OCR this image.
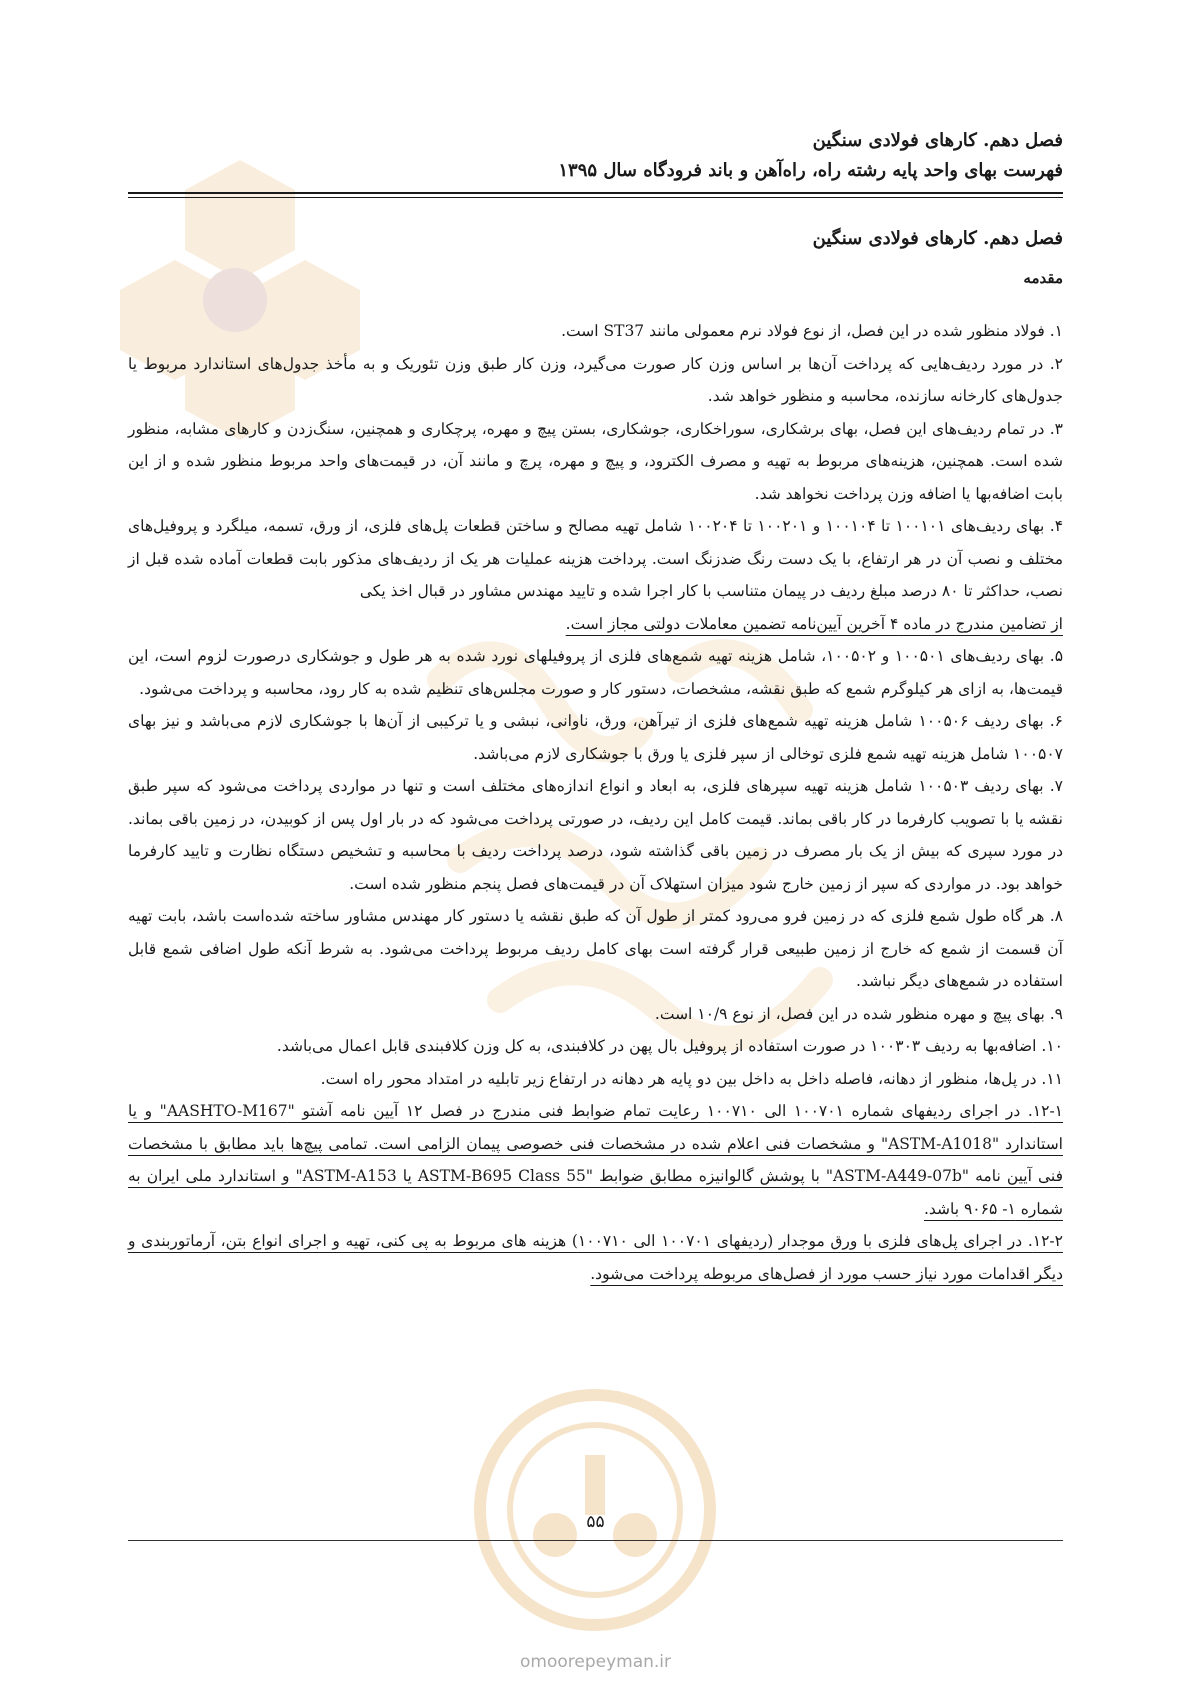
فصل دهم. کارهای فولادی سنگین
فهرست بهای واحد پایه رشته راه، راه‌آهن و باند فرودگاه سال ۱۳۹۵
فصل دهم. کارهای فولادی سنگین
مقدمه

۱. فولاد منظور شده در این فصل، از نوع فولاد نرم معمولی مانند ST37 است.

۲. در مورد ردیف‌هایی که پرداخت آن‌ها بر اساس وزن کار صورت می‌گیرد، وزن کار طبق وزن تئوریک و به مأخذ جدول‌های استاندارد مربوط یا جدول‌های کارخانه سازنده، محاسبه و منظور خواهد شد.

۳. در تمام ردیف‌های این فصل، بهای برشکاری، سوراخکاری، جوشکاری، بستن پیچ و مهره، پرچکاری و همچنین، سنگ‌زدن و کارهای مشابه، منظور شده است. همچنین، هزینه‌های مربوط به تهیه و مصرف الکترود، و پیچ و مهره، پرچ و مانند آن، در قیمت‌های واحد مربوط منظور شده و از این بابت اضافه‌بها یا اضافه وزن پرداخت نخواهد شد.

۴. بهای ردیف‌های ۱۰۰۱۰۱ تا ۱۰۰۱۰۴ و ۱۰۰۲۰۱ تا ۱۰۰۲۰۴ شامل تهیه مصالح و ساختن قطعات پل‌های فلزی، از ورق، تسمه، میلگرد و پروفیل‌های مختلف و نصب آن در هر ارتفاع، با یک دست رنگ ضدزنگ است. پرداخت هزینه عملیات هر یک از ردیف‌های مذکور بابت قطعات آماده شده قبل از نصب، حداکثر تا ۸۰ درصد مبلغ ردیف در پیمان متناسب با کار اجرا شده و تایید مهندس مشاور در قبال اخذ یکی

از تضامین مندرج در ماده ۴ آخرین آیین‌نامه تضمین معاملات دولتی مجاز است.

۵. بهای ردیف‌های ۱۰۰۵۰۱ و ۱۰۰۵۰۲، شامل هزینه تهیه شمع‌های فلزی از پروفیلهای نورد شده به هر طول و جوشکاری درصورت لزوم است، این قیمت‌ها، به ازای هر کیلوگرم شمع که طبق نقشه، مشخصات، دستور کار و صورت مجلس‌های تنظیم شده به کار رود، محاسبه و پرداخت می‌شود.

۶. بهای ردیف ۱۰۰۵۰۶ شامل هزینه تهیه شمع‌های فلزی از تیرآهن، ورق، ناوانی، نبشی و یا ترکیبی از آن‌ها با جوشکاری لازم می‌باشد و نیز بهای ۱۰۰۵۰۷ شامل هزینه تهیه شمع فلزی توخالی از سپر فلزی یا ورق با جوشکاری لازم می‌باشد.

۷. بهای ردیف ۱۰۰۵۰۳ شامل هزینه تهیه سپرهای فلزی، به ابعاد و انواع اندازه‌های مختلف است و تنها در مواردی پرداخت می‌شود که سپر طبق نقشه یا با تصویب کارفرما در کار باقی بماند. قیمت کامل این ردیف، در صورتی پرداخت می‌شود که در بار اول پس از کوبیدن، در زمین باقی بماند. در مورد سپری که بیش از یک بار مصرف در زمین باقی گذاشته شود، درصد پرداخت ردیف با محاسبه و تشخیص دستگاه نظارت و تایید کارفرما خواهد بود. در مواردی که سپر از زمین خارج شود میزان استهلاک آن در قیمت‌های فصل پنجم منظور شده است.

۸. هر گاه طول شمع فلزی که در زمین فرو می‌رود کمتر از طول آن که طبق نقشه یا دستور کار مهندس مشاور ساخته شده‌است باشد، بابت تهیه آن قسمت از شمع که خارج از زمین طبیعی قرار گرفته است بهای کامل ردیف مربوط پرداخت می‌شود. به شرط آنکه طول اضافی شمع قابل استفاده در شمع‌های دیگر نباشد.

۹. بهای پیچ و مهره منظور شده در این فصل، از نوع ۱۰/۹ است.

۱۰. اضافه‌بها به ردیف ۱۰۰۳۰۳ در صورت استفاده از پروفیل بال پهن در کلافبندی، به کل وزن کلافبندی قابل اعمال می‌باشد.

۱۱. در پل‌ها، منظور از دهانه، فاصله داخل به داخل بین دو پایه هر دهانه در ارتفاع زیر تابلیه در امتداد محور راه است.

۱۲-۱. در اجرای ردیفهای شماره ۱۰۰۷۰۱ الی ۱۰۰۷۱۰ رعایت تمام ضوابط فنی مندرج در فصل ۱۲ آیین نامه آشتو "AASHTO-M167" و یا استاندارد "ASTM-A1018" و مشخصات فنی اعلام شده در مشخصات فنی خصوصی پیمان الزامی است. تمامی پیچ‌ها باید مطابق با مشخصات فنی آیین نامه "ASTM-A449-07b" با پوشش گالوانیزه مطابق ضوابط "ASTM-B695 Class 55 یا ASTM-A153" و استاندارد ملی ایران به شماره ۱- ۹۰۶۵ باشد.

۱۲-۲. در اجرای پل‌های فلزی با ورق موجدار (ردیفهای ۱۰۰۷۰۱ الی ۱۰۰۷۱۰) هزینه های مربوط به پی کنی، تهیه و اجرای انواع بتن، آرماتوربندی و دیگر اقدامات مورد نیاز حسب مورد از فصل‌های مربوطه پرداخت می‌شود.

۵۵
omoorepeyman.ir
